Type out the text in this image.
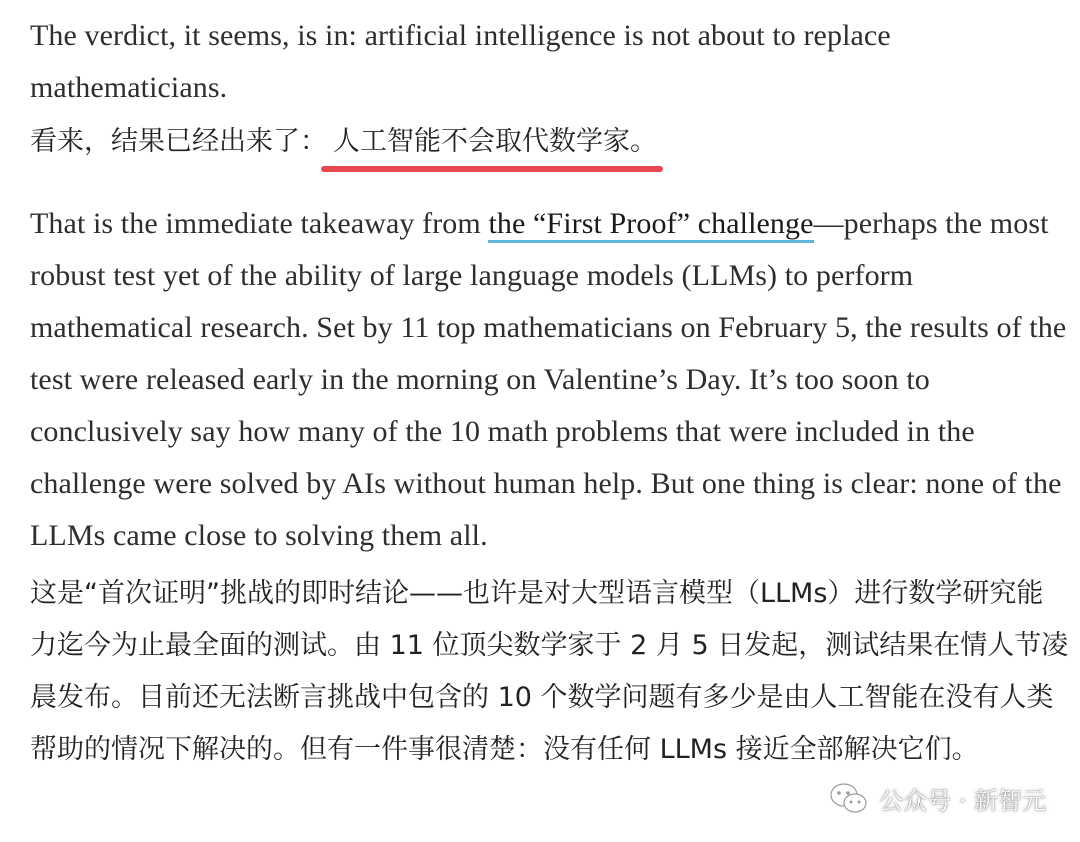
The verdict, it seems, is in: artificial intelligence is not about to replace mathematicians.

看来，结果已经出来了： 人工智能不会取代数学家。

That is the immediate takeaway from the “First Proof” challenge—perhaps the most robust test yet of the ability of large language models (LLMs) to perform mathematical research. Set by 11 top mathematicians on February 5, the results of the test were released early in the morning on Valentine’s Day. It’s too soon to conclusively say how many of the 10 math problems that were included in the challenge were solved by AIs without human help. But one thing is clear: none of the LLMs came close to solving them all.

这是“首次证明”挑战的即时结论——也许是对大型语言模型（LLMs）进行数学研究能力迄今为止最全面的测试。由 11 位顶尖数学家于 2 月 5 日发起，测试结果在情人节凌晨发布。目前还无法断言挑战中包含的 10 个数学问题有多少是由人工智能在没有人类帮助的情况下解决的。但有一件事很清楚：没有任何 LLMs 接近全部解决它们。

公众号 · 新智元
